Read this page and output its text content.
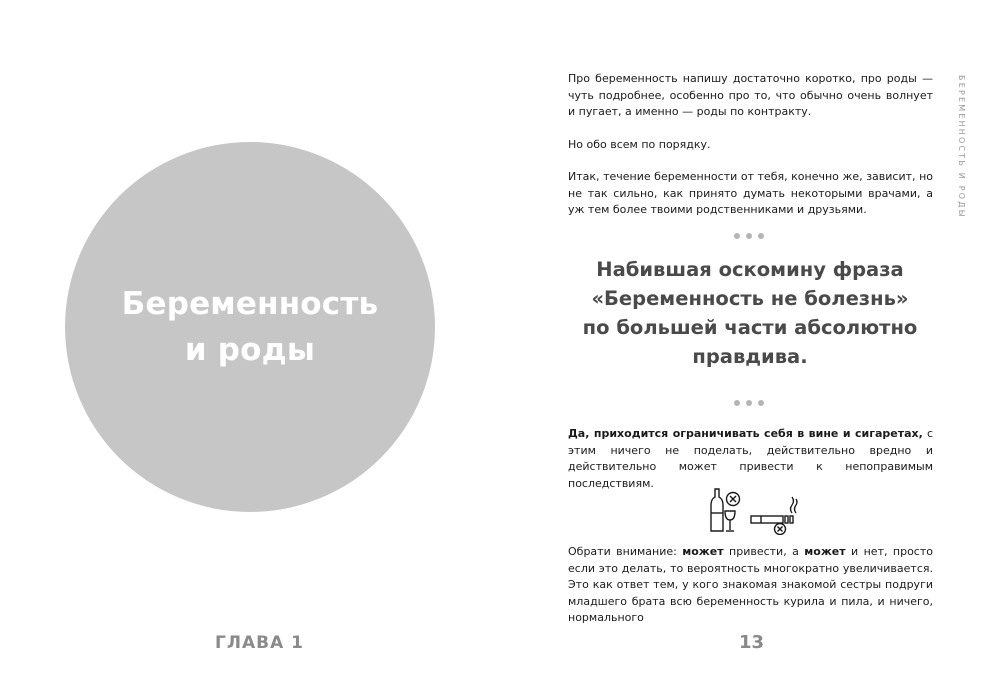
Беременность
и роды
ГЛАВА 1
БЕРЕМЕННОСТЬ И РОДЫ

Про беременность напишу достаточно коротко, про роды — чуть подробнее, особенно про то, что обычно очень волнует и пугает, а именно — роды по контракту.

Но обо всем по порядку.

Итак, течение беременности от тебя, конечно же, зависит, но не так сильно, как принято думать некоторыми врачами, а уж тем более твоими родственниками и друзьями.

Набившая оскомину фраза
«Беременность не болезнь»
по большей части абсолютно
правдива.

Да, приходится ограничивать себя в вине и сигаретах, с этим ничего не поделать, действительно вредно и действительно может привести к непоправимым последствиям.

Обрати внимание: может привести, а может и нет, просто если это делать, то вероятность многократно увеличивается. Это как ответ тем, у кого знакомая знакомой сестры подруги младшего брата всю беременность курила и пила, и ничего, нормального

13
